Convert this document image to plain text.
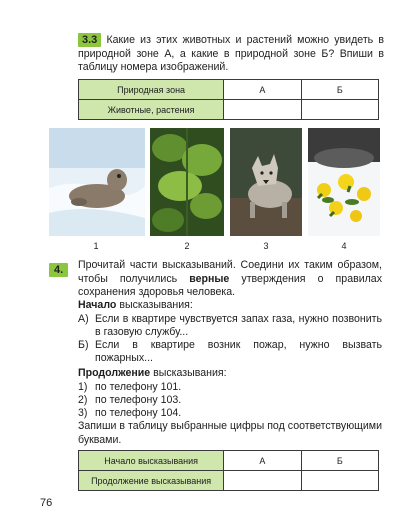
3.3 Какие из этих животных и растений можно увидеть в природной зоне А, а какие в природной зоне Б? Впиши в таблицу номера изображений.
Природная зона	А	Б
Животные, растения		
1	2	3	4
4.	Прочитай части высказываний. Соедини их таким образом, чтобы получились верные утверждения о правилах сохранения здоровья человека.
Начало высказывания:
А) Если в квартире чувствуется запах газа, нужно позвонить в газовую службу...
Б) Если в квартире возник пожар, нужно вызвать пожарных...
Продолжение высказывания:
1) по телефону 101.
2) по телефону 103.
3) по телефону 104.
Запиши в таблицу выбранные цифры под соответствующими буквами.
Начало высказывания	А	Б
Продолжение высказывания		
76
